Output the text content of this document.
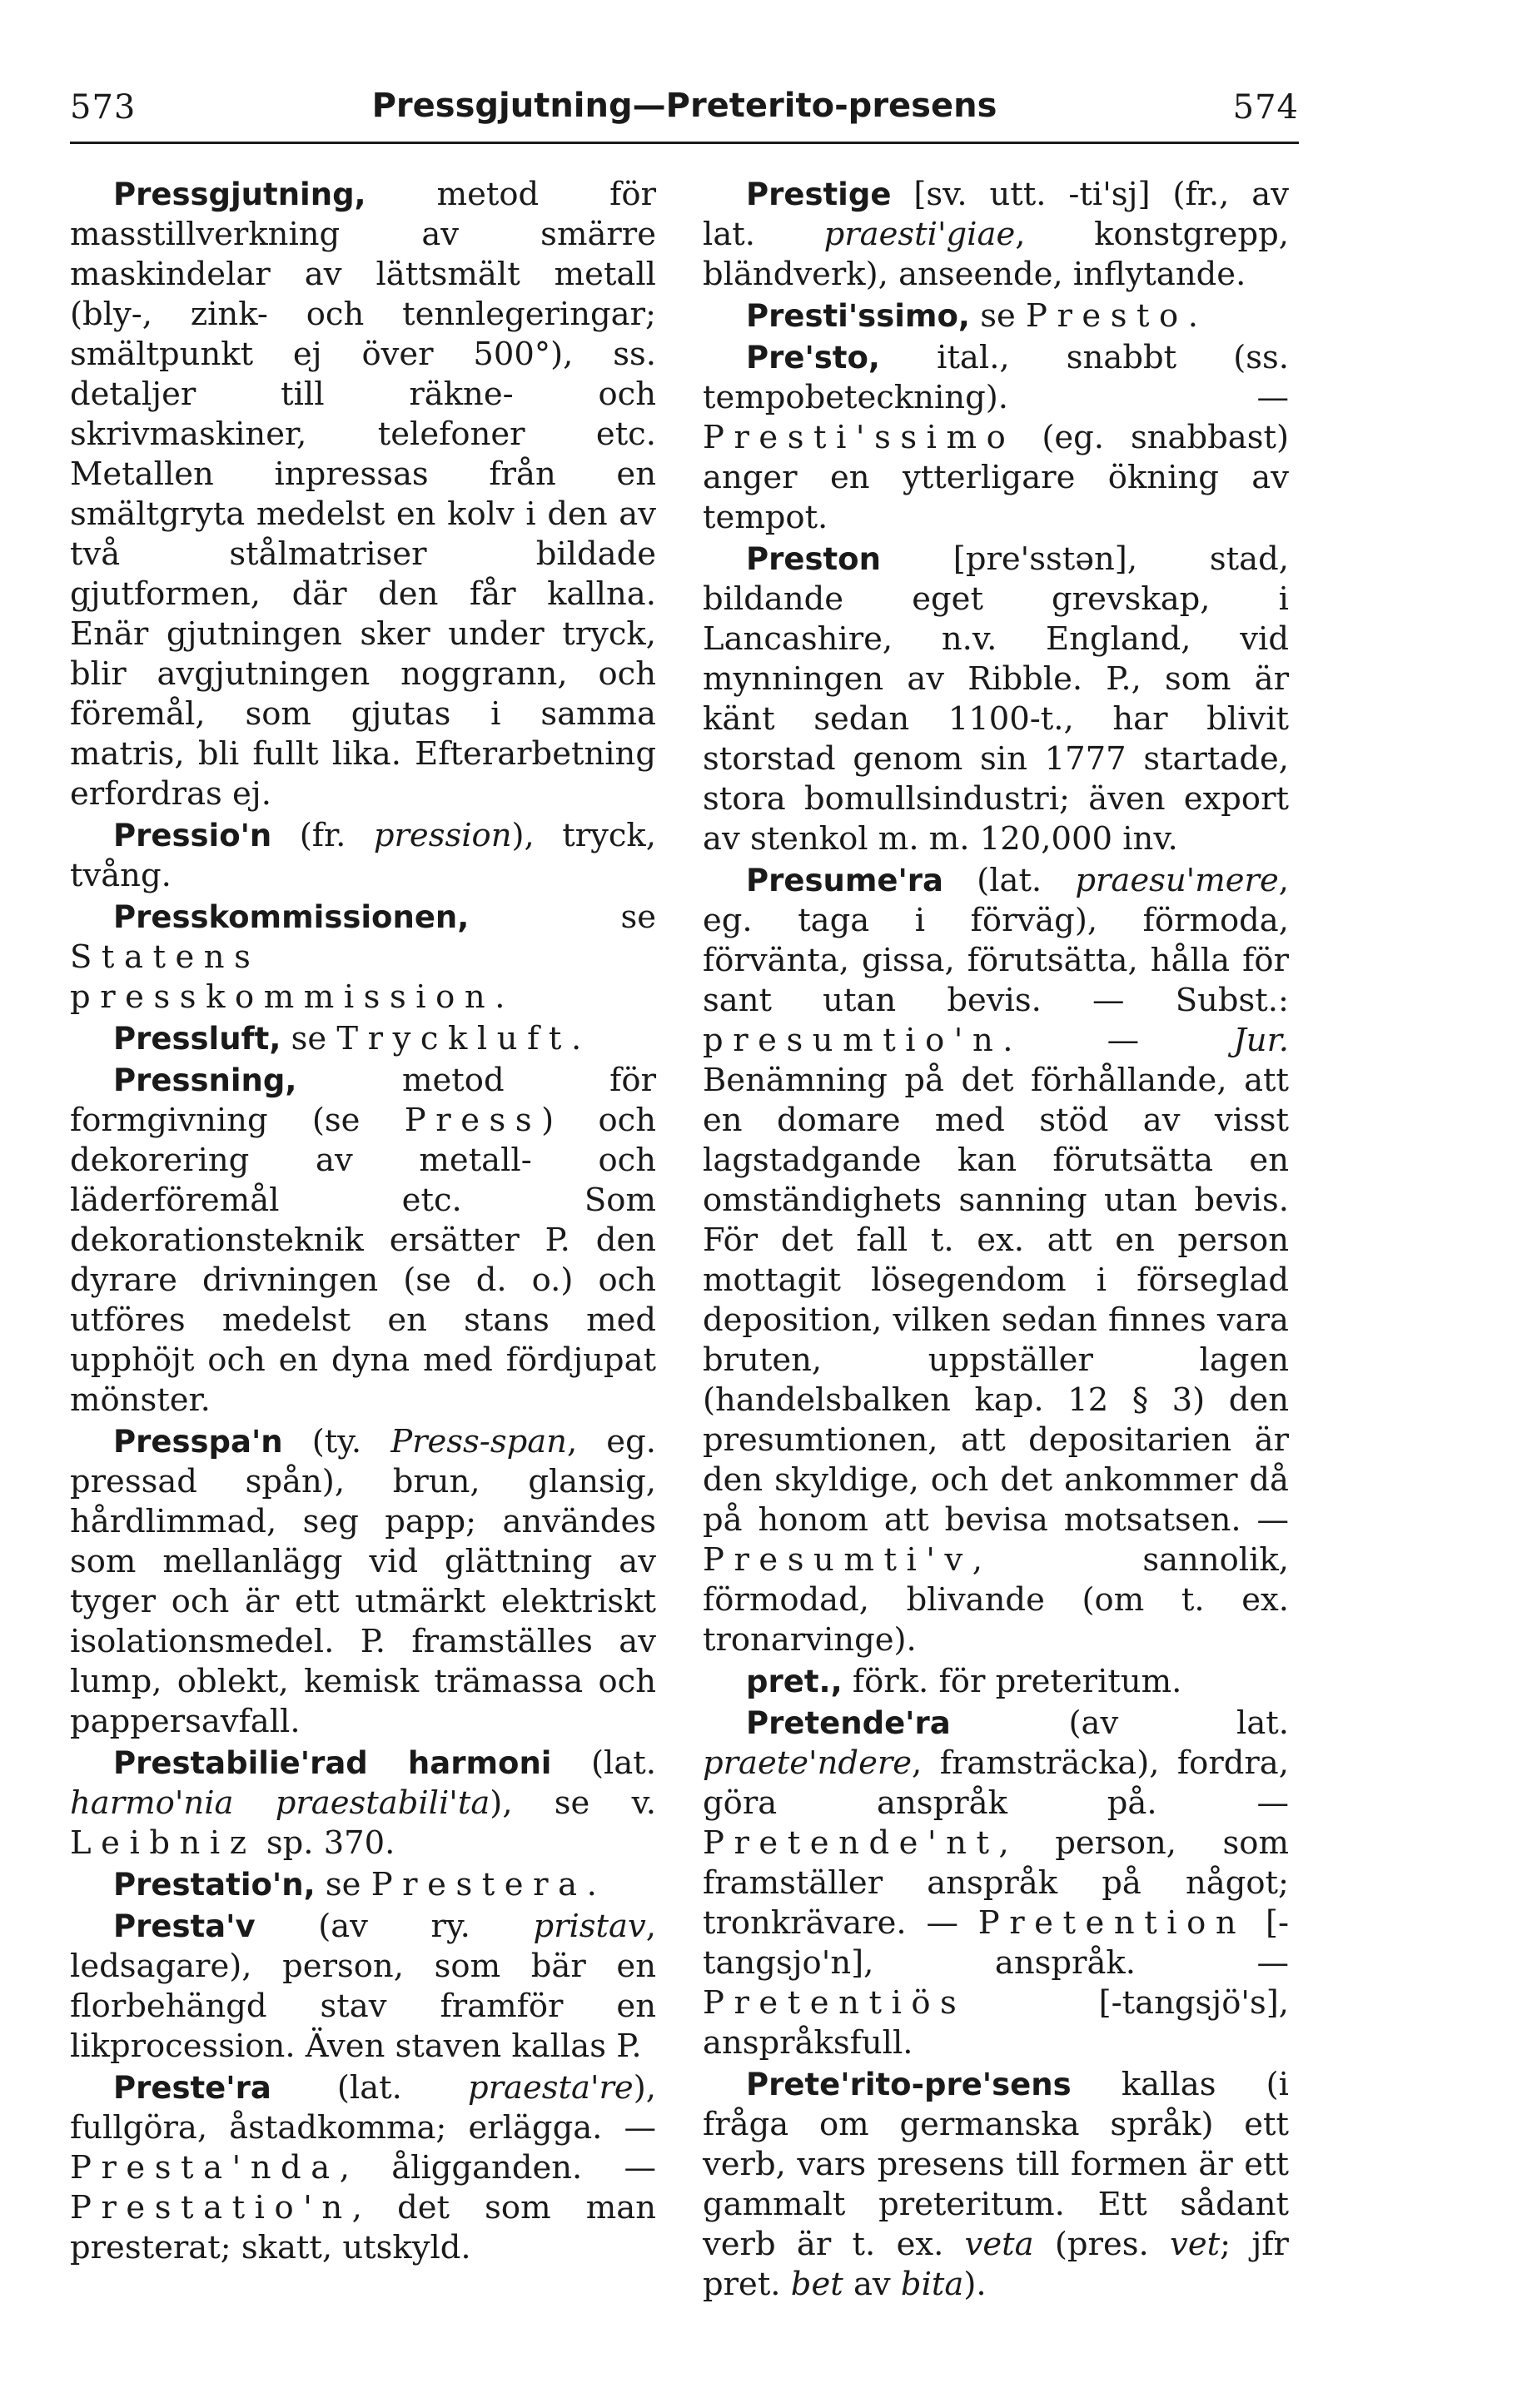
573	Pressgjutning—Preterito-presens	574

Pressgjutning, metod för masstillverkning av smärre maskindelar av lättsmält metall (bly-, zink- och tennlegeringar; smältpunkt ej över 500°), ss. detaljer till räkne- och skrivmaskiner, telefoner etc. Metallen inpressas från en smältgryta medelst en kolv i den av två stålmatriser bildade gjutformen, där den får kallna. Enär gjutningen sker under tryck, blir avgjutningen noggrann, och föremål, som gjutas i samma matris, bli fullt lika. Efterarbetning erfordras ej.

Pressio'n (fr. pression), tryck, tvång.

Presskommissionen,	se Statens presskommission.

Pressluft, se Tryckluft.

Pressning,	metod för formgivning (se Press) och dekorering av metall- och läderföremål etc. Som dekorationsteknik ersätter P. den dyrare drivningen (se d. o.) och utföres medelst en stans med upphöjt och en dyna med fördjupat mönster.

Presspa'n (ty. Press-span, eg. pressad spån), brun, glansig, hårdlimmad, seg papp; användes som mellanlägg vid glättning av tyger och är ett utmärkt elektriskt isolationsmedel. P. framställes av lump, oblekt, kemisk trämassa och pappersavfall.

Prestabilie'rad harmoni (lat. harmo'nia praestabili'ta), se v. Leibniz sp. 370.

Prestatio'n, se Prestera.

Presta'v (av ry. pristav, ledsagare), person, som bär en florbehängd stav framför en likprocession. Även staven kallas P.

Preste'ra (lat. praesta're), fullgöra, åstadkomma; erlägga. — Presta'nda, åligganden. — Prestatio'n, det som man presterat; skatt, utskyld.

Prestige [sv. utt. -ti'sj] (fr., av lat. praesti'giae, konstgrepp, bländverk), anseende, inflytande.

Presti'ssimo, se Presto.

Pre'sto, ital., snabbt (ss. tempobeteckning). — Presti'ssimo (eg. snabbast) anger en ytterligare ökning av tempot.

Preston [pre'sstən], stad, bildande eget grevskap, i Lancashire, n.v. England, vid mynningen av Ribble. P., som är känt sedan 1100-t., har blivit storstad genom sin 1777 startade, stora bomullsindustri; även export av stenkol m. m. 120,000 inv.

Presume'ra (lat. praesu'mere, eg. taga i förväg), förmoda, förvänta, gissa, förutsätta, hålla för sant utan bevis. — Subst.: presumtio'n. —	Jur. Benämning på det förhållande, att en domare med stöd av visst lagstadgande kan förutsätta en omständighets sanning utan bevis. För det fall t. ex. att en person mottagit lösegendom i förseglad deposition, vilken sedan finnes vara bruten, uppställer lagen (handelsbalken kap. 12 § 3) den presumtionen, att depositarien är den skyldige, och det ankommer då på honom att bevisa motsatsen. — Presumti'v, sannolik, förmodad, blivande (om t. ex. tronarvinge).

pret., förk. för preteritum.

Pretende'ra	(av lat. praete'ndere, framsträcka), fordra, göra anspråk på. — Pretende'nt, person, som framställer anspråk på något; tronkrävare. — Pretention [-tangsjo'n], anspråk. — Pretentiös	[-tangsjö's], anspråksfull.

Prete'rito-pre'sens kallas (i fråga om germanska språk) ett verb, vars presens till formen är ett gammalt preteritum. Ett sådant verb är t. ex. veta (pres. vet; jfr pret. bet av bita).
